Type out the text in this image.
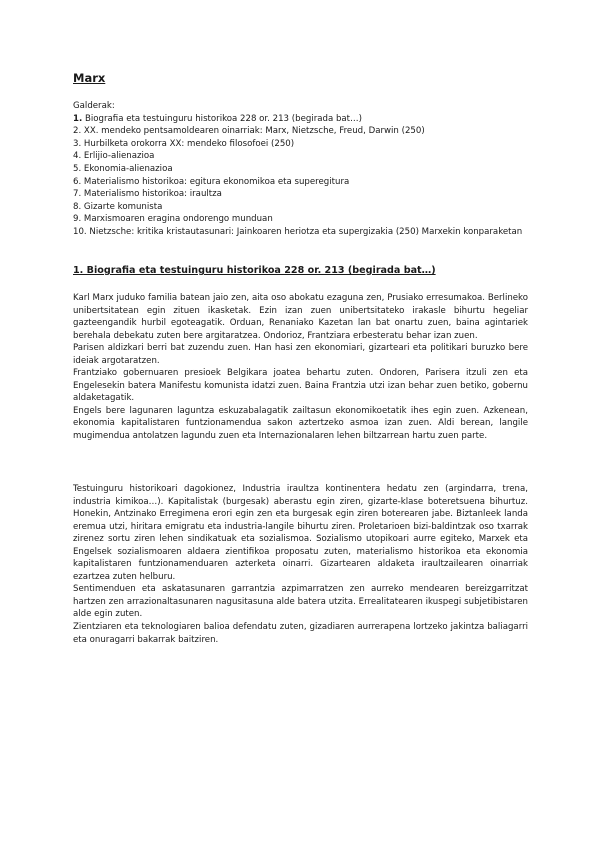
Marx

Galderak:

1. Biografia eta testuinguru historikoa 228 or. 213 (begirada bat…)
2. XX. mendeko pentsamoldearen oinarriak: Marx, Nietzsche, Freud, Darwin (250)
3. Hurbilketa orokorra XX: mendeko filosofoei (250)
4. Erlijio-alienazioa
5. Ekonomia-alienazioa
6. Materialismo historikoa: egitura ekonomikoa eta superegitura
7. Materialismo historikoa: iraultza
8. Gizarte komunista
9. Marxismoaren eragina ondorengo munduan
10. Nietzsche: kritika kristautasunari: Jainkoaren heriotza eta supergizakia (250) Marxekin konparaketan
1. Biografia eta testuinguru historikoa 228 or. 213 (begirada bat…)

Karl Marx juduko familia batean jaio zen, aita oso abokatu ezaguna zen, Prusiako erresumakoa. Berlineko unibertsitatean egin zituen ikasketak. Ezin izan zuen unibertsitateko irakasle bihurtu hegeliar gazteengandik hurbil egoteagatik. Orduan, Renaniako Kazetan lan bat onartu zuen, baina agintariek berehala debekatu zuten bere argitaratzea. Ondorioz, Frantziara erbesteratu behar izan zuen.

Parisen aldizkari berri bat zuzendu zuen. Han hasi zen ekonomiari, gizarteari eta politikari buruzko bere ideiak argotaratzen.

Frantziako gobernuaren presioek Belgikara joatea behartu zuten. Ondoren, Parisera itzuli zen eta Engelesekin batera Manifestu komunista idatzi zuen. Baina Frantzia utzi izan behar zuen betiko, gobernu aldaketagatik.

Engels bere lagunaren laguntza eskuzabalagatik zailtasun ekonomikoetatik ihes egin zuen. Azkenean, ekonomia kapitalistaren funtzionamendua sakon aztertzeko asmoa izan zuen. Aldi berean, langile mugimendua antolatzen lagundu zuen eta Internazionalaren lehen biltzarrean hartu zuen parte.

Testuinguru historikoari dagokionez, Industria iraultza kontinentera hedatu zen (argindarra, trena, industria kimikoa…). Kapitalistak (burgesak) aberastu egin ziren, gizarte-klase boteretsuena bihurtuz. Honekin, Antzinako Erregimena erori egin zen eta burgesak egin ziren boterearen jabe. Biztanleek landa eremua utzi, hiritara emigratu eta industria-langile bihurtu ziren. Proletarioen bizi-baldintzak oso txarrak zirenez sortu ziren lehen sindikatuak eta sozialismoa. Sozialismo utopikoari aurre egiteko, Marxek eta Engelsek sozialismoaren aldaera zientifikoa proposatu zuten, materialismo historikoa eta ekonomia kapitalistaren funtzionamenduaren azterketa oinarri. Gizartearen aldaketa iraultzailearen oinarriak ezartzea zuten helburu.

Sentimenduen eta askatasunaren garrantzia azpimarratzen zen aurreko mendearen bereizgarritzat hartzen zen arrazionaltasunaren nagusitasuna alde batera utzita. Errealitatearen ikuspegi subjetibistaren alde egin zuten.

Zientziaren eta teknologiaren balioa defendatu zuten, gizadiaren aurrerapena lortzeko jakintza baliagarri eta onuragarri bakarrak baitziren.
